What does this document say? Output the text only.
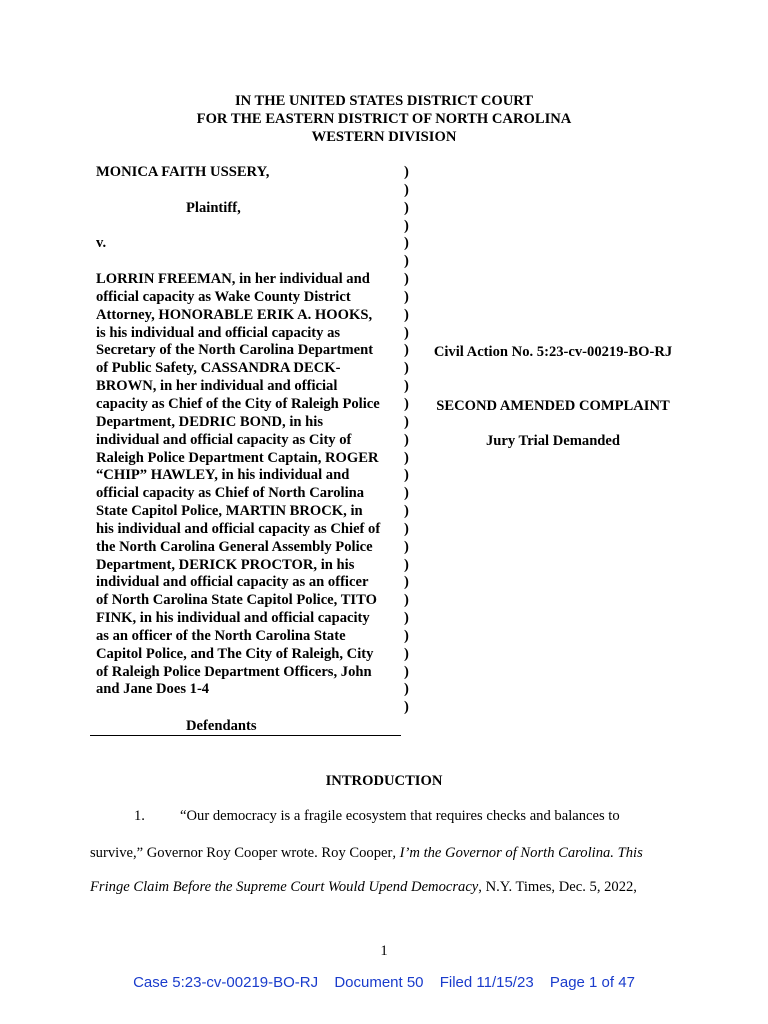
IN THE UNITED STATES DISTRICT COURT
FOR THE EASTERN DISTRICT OF NORTH CAROLINA
WESTERN DIVISION
MONICA FAITH USSERY,

Plaintiff,

v.

LORRIN FREEMAN, in her individual and
official capacity as Wake County District
Attorney, HONORABLE ERIK A. HOOKS,
is his individual and official capacity as
Secretary of the North Carolina Department
of Public Safety, CASSANDRA DECK-
BROWN, in her individual and official
capacity as Chief of the City of Raleigh Police
Department, DEDRIC BOND, in his
individual and official capacity as City of
Raleigh Police Department Captain, ROGER
“CHIP” HAWLEY, in his individual and
official capacity as Chief of North Carolina
State Capitol Police, MARTIN BROCK, in
his individual and official capacity as Chief of
the North Carolina General Assembly Police
Department, DERICK PROCTOR, in his
individual and official capacity as an officer
of North Carolina State Capitol Police, TITO
FINK, in his individual and official capacity
as an officer of the North Carolina State
Capitol Police, and The City of Raleigh, City
of Raleigh Police Department Officers, John
and Jane Does 1-4
Defendants
)
)
)
)
)
)
)
)
)
)
)
)
)
)
)
)
)
)
)
)
)
)
)
)
)
)
)
)
)
)
)
Civil Action No. 5:23-cv-00219-BO-RJ
SECOND AMENDED COMPLAINT
Jury Trial Demanded
INTRODUCTION
1. “Our democracy is a fragile ecosystem that requires checks and balances to
survive,” Governor Roy Cooper wrote. Roy Cooper, I’m the Governor of North Carolina. This
Fringe Claim Before the Supreme Court Would Upend Democracy, N.Y. Times, Dec. 5, 2022,
1
Case 5:23-cv-00219-BO-RJ Document 50 Filed 11/15/23 Page 1 of 47
